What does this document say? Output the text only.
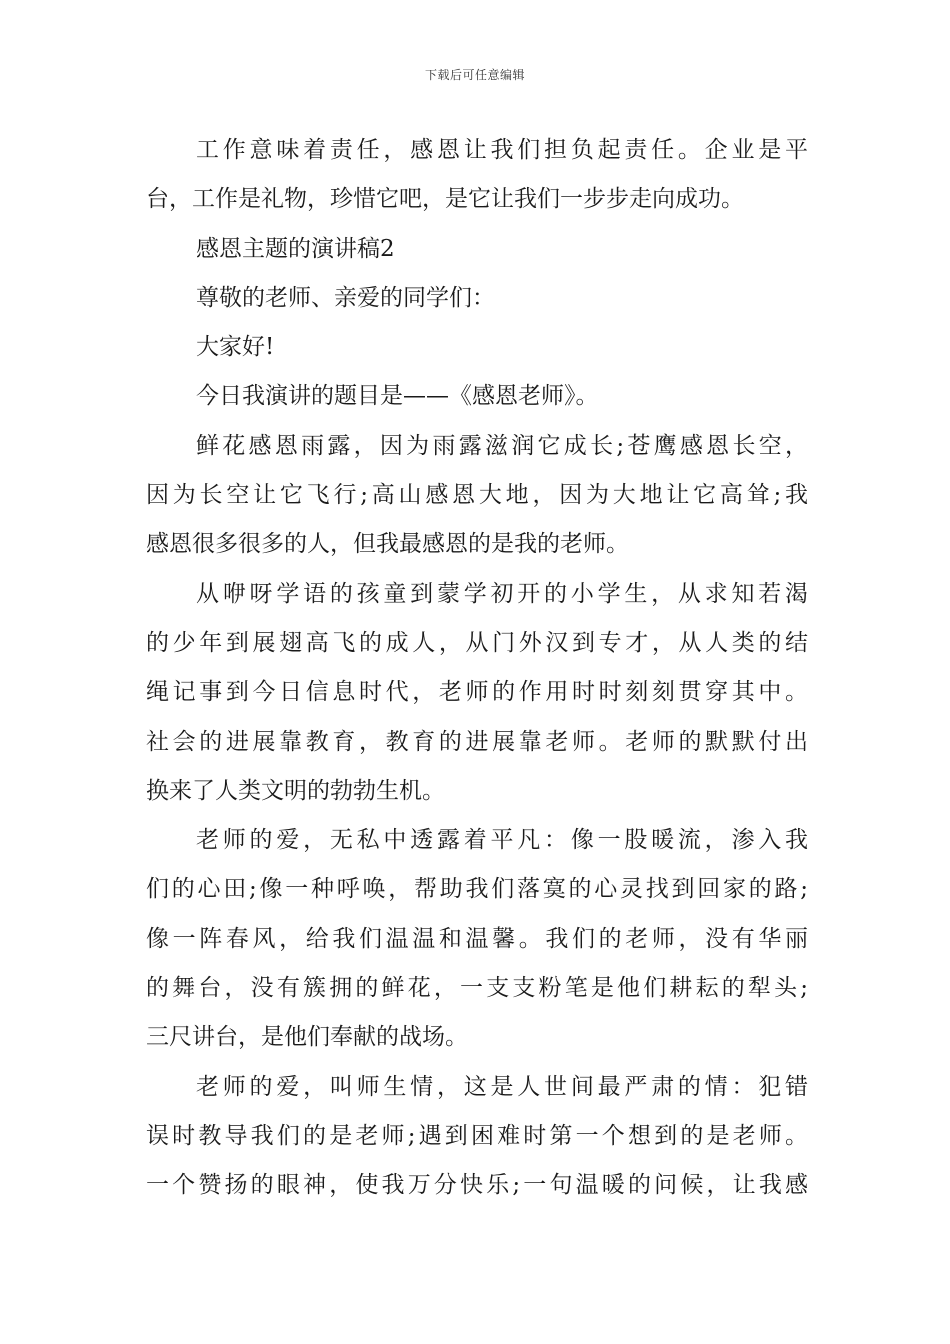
下载后可任意编辑
工作意味着责任，感恩让我们担负起责任。企业是平
台，工作是礼物，珍惜它吧，是它让我们一步步走向成功。
感恩主题的演讲稿2
尊敬的老师、亲爱的同学们：
大家好!
今日我演讲的题目是——《感恩老师》。
鲜花感恩雨露，因为雨露滋润它成长;苍鹰感恩长空，
因为长空让它飞行;高山感恩大地，因为大地让它高耸;我
感恩很多很多的人，但我最感恩的是我的老师。
从咿呀学语的孩童到蒙学初开的小学生，从求知若渴
的少年到展翅高飞的成人，从门外汉到专才，从人类的结
绳记事到今日信息时代，老师的作用时时刻刻贯穿其中。
社会的进展靠教育，教育的进展靠老师。老师的默默付出
换来了人类文明的勃勃生机。
老师的爱，无私中透露着平凡：像一股暖流，渗入我
们的心田;像一种呼唤，帮助我们落寞的心灵找到回家的路;
像一阵春风，给我们温温和温馨。我们的老师，没有华丽
的舞台，没有簇拥的鲜花，一支支粉笔是他们耕耘的犁头;
三尺讲台，是他们奉献的战场。
老师的爱，叫师生情，这是人世间最严肃的情：犯错
误时教导我们的是老师;遇到困难时第一个想到的是老师。
一个赞扬的眼神，使我万分快乐;一句温暖的问候，让我感
